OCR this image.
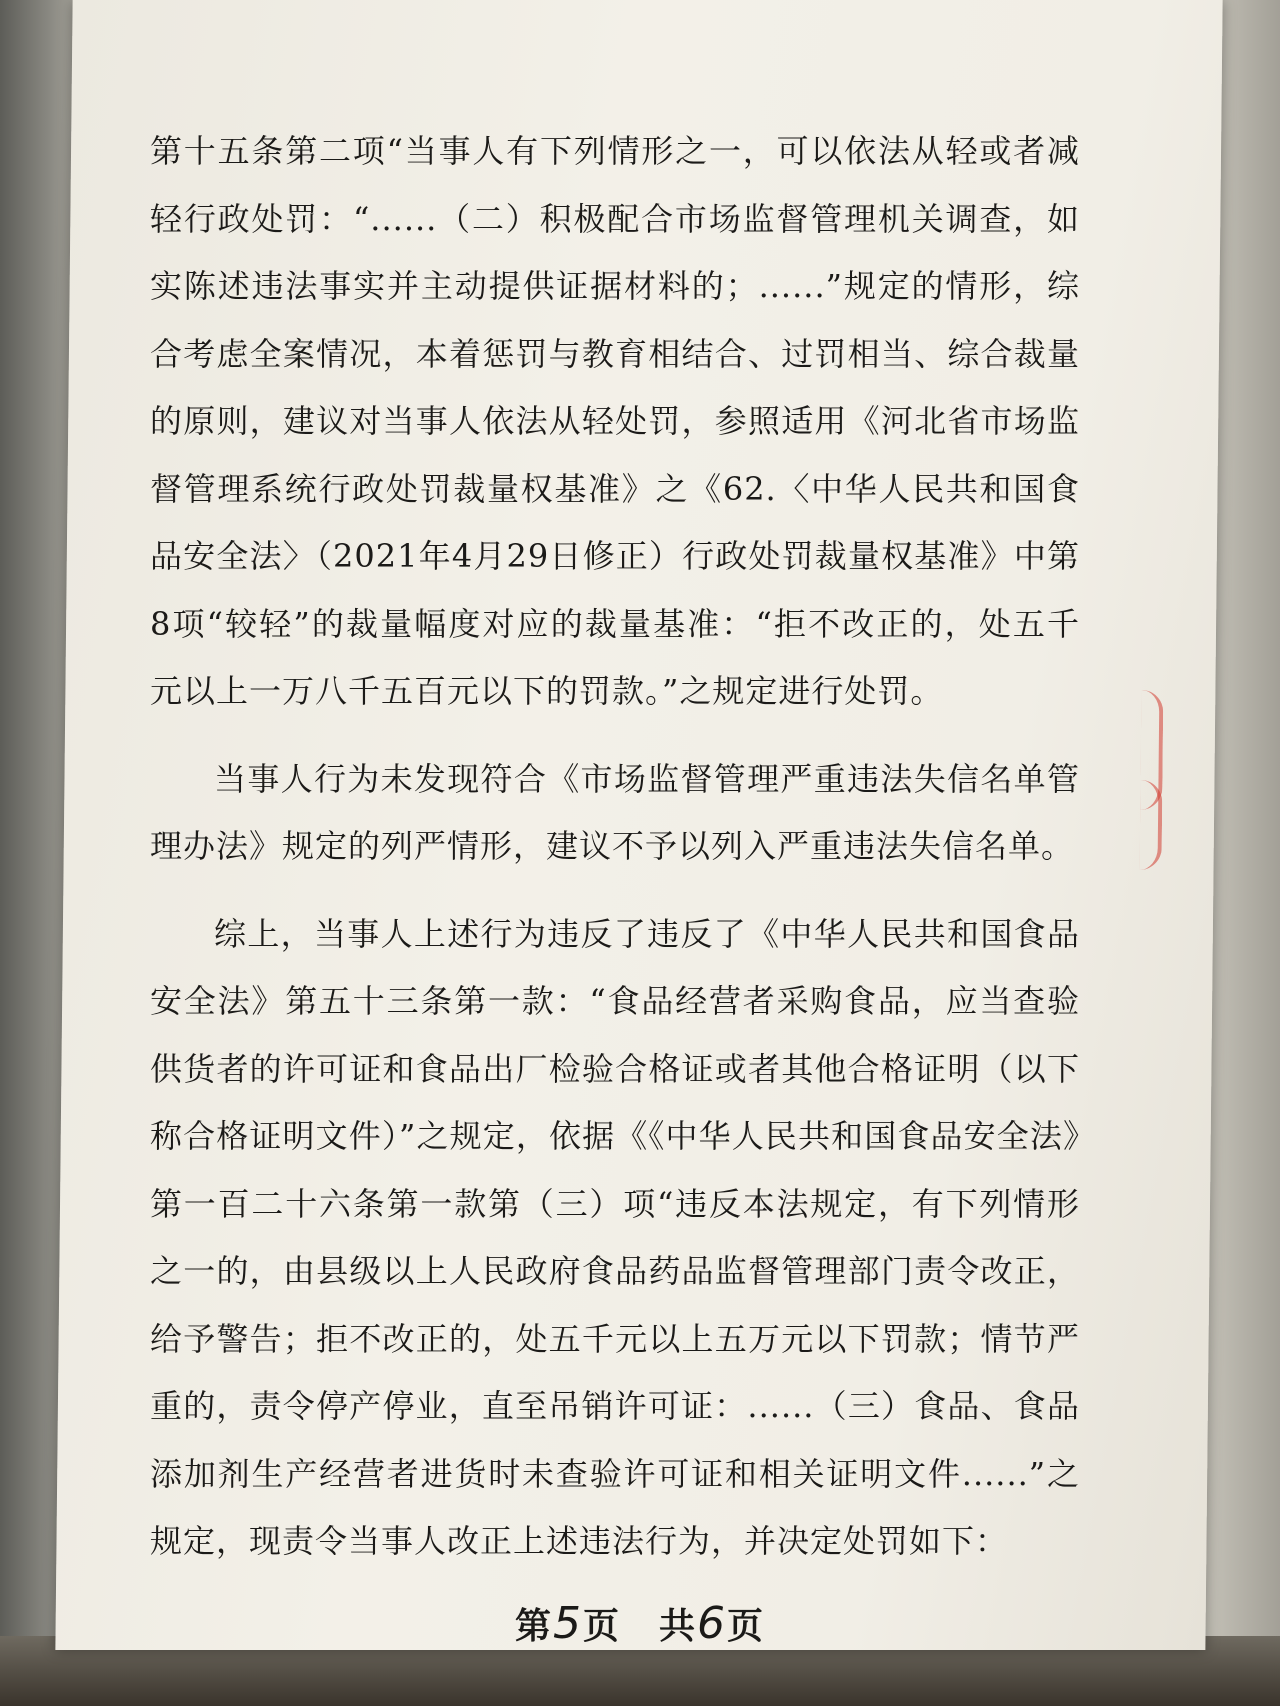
第十五条第二项“当事人有下列情形之一，可以依法从轻或者减轻行政处罚：“......（二）积极配合市场监督管理机关调查，如实陈述违法事实并主动提供证据材料的；......”规定的情形，综合考虑全案情况，本着惩罚与教育相结合、过罚相当、综合裁量的原则，建议对当事人依法从轻处罚，参照适用《河北省市场监督管理系统行政处罚裁量权基准》之《62.〈中华人民共和国食品安全法〉（2021年4月29日修正）行政处罚裁量权基准》中第8项“较轻”的裁量幅度对应的裁量基准：“拒不改正的，处五千元以上一万八千五百元以下的罚款。”之规定进行处罚。

当事人行为未发现符合《市场监督管理严重违法失信名单管理办法》规定的列严情形，建议不予以列入严重违法失信名单。

综上，当事人上述行为违反了违反了《中华人民共和国食品安全法》第五十三条第一款：“食品经营者采购食品，应当查验供货者的许可证和食品出厂检验合格证或者其他合格证明（以下称合格证明文件）”之规定，依据《《中华人民共和国食品安全法》第一百二十六条第一款第（三）项“违反本法规定，有下列情形之一的，由县级以上人民政府食品药品监督管理部门责令改正，给予警告；拒不改正的，处五千元以上五万元以下罚款；情节严重的，责令停产停业，直至吊销许可证：......（三）食品、食品添加剂生产经营者进货时未查验许可证和相关证明文件......”之规定，现责令当事人改正上述违法行为，并决定处罚如下：

第5页　共6页
